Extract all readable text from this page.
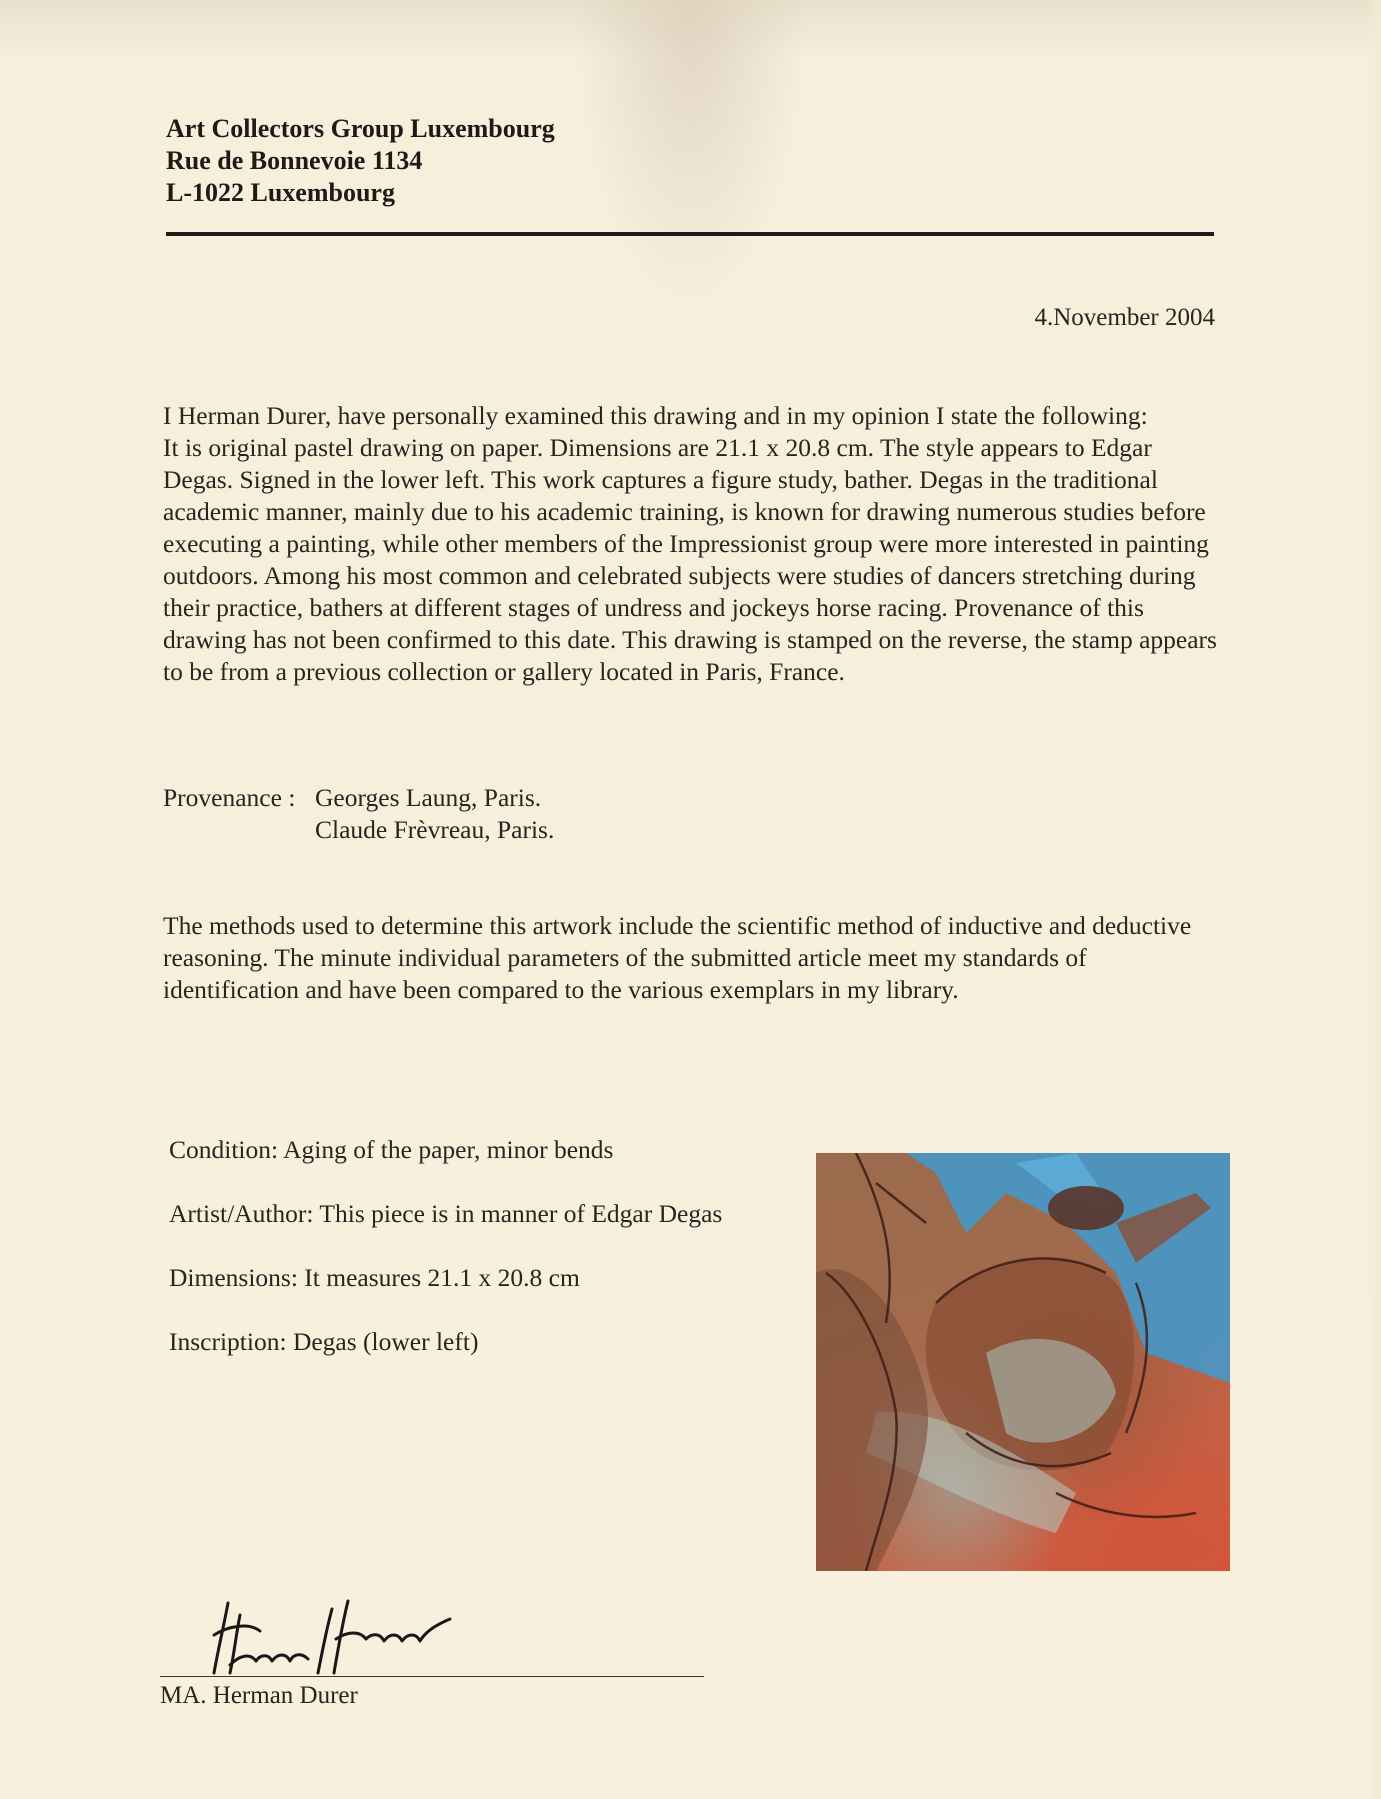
Art Collectors Group Luxembourg
Rue de Bonnevoie 1134
L-1022 Luxembourg
4.November 2004

I Herman Durer, have personally examined this drawing and in my opinion I state the following:

It is original pastel drawing on paper. Dimensions are 21.1 x 20.8 cm. The style appears to Edgar Degas. Signed in the lower left. This work captures a figure study, bather. Degas in the traditional academic manner, mainly due to his academic training, is known for drawing numerous studies before executing a painting, while other members of the Impressionist group were more interested in painting outdoors. Among his most common and celebrated subjects were studies of dancers stretching during their practice, bathers at different stages of undress and jockeys horse racing. Provenance of this drawing has not been confirmed to this date. This drawing is stamped on the reverse, the stamp appears to be from a previous collection or gallery located in Paris, France.

Provenance : Georges Laung, Paris.
Claude Frèvreau, Paris.
The methods used to determine this artwork include the scientific method of inductive and deductive reasoning. The minute individual parameters of the submitted article meet my standards of identification and have been compared to the various exemplars in my library.
Condition: Aging of the paper, minor bends
Artist/Author: This piece is in manner of Edgar Degas
Dimensions: It measures 21.1 x 20.8 cm
Inscription: Degas (lower left)
MA. Herman Durer
